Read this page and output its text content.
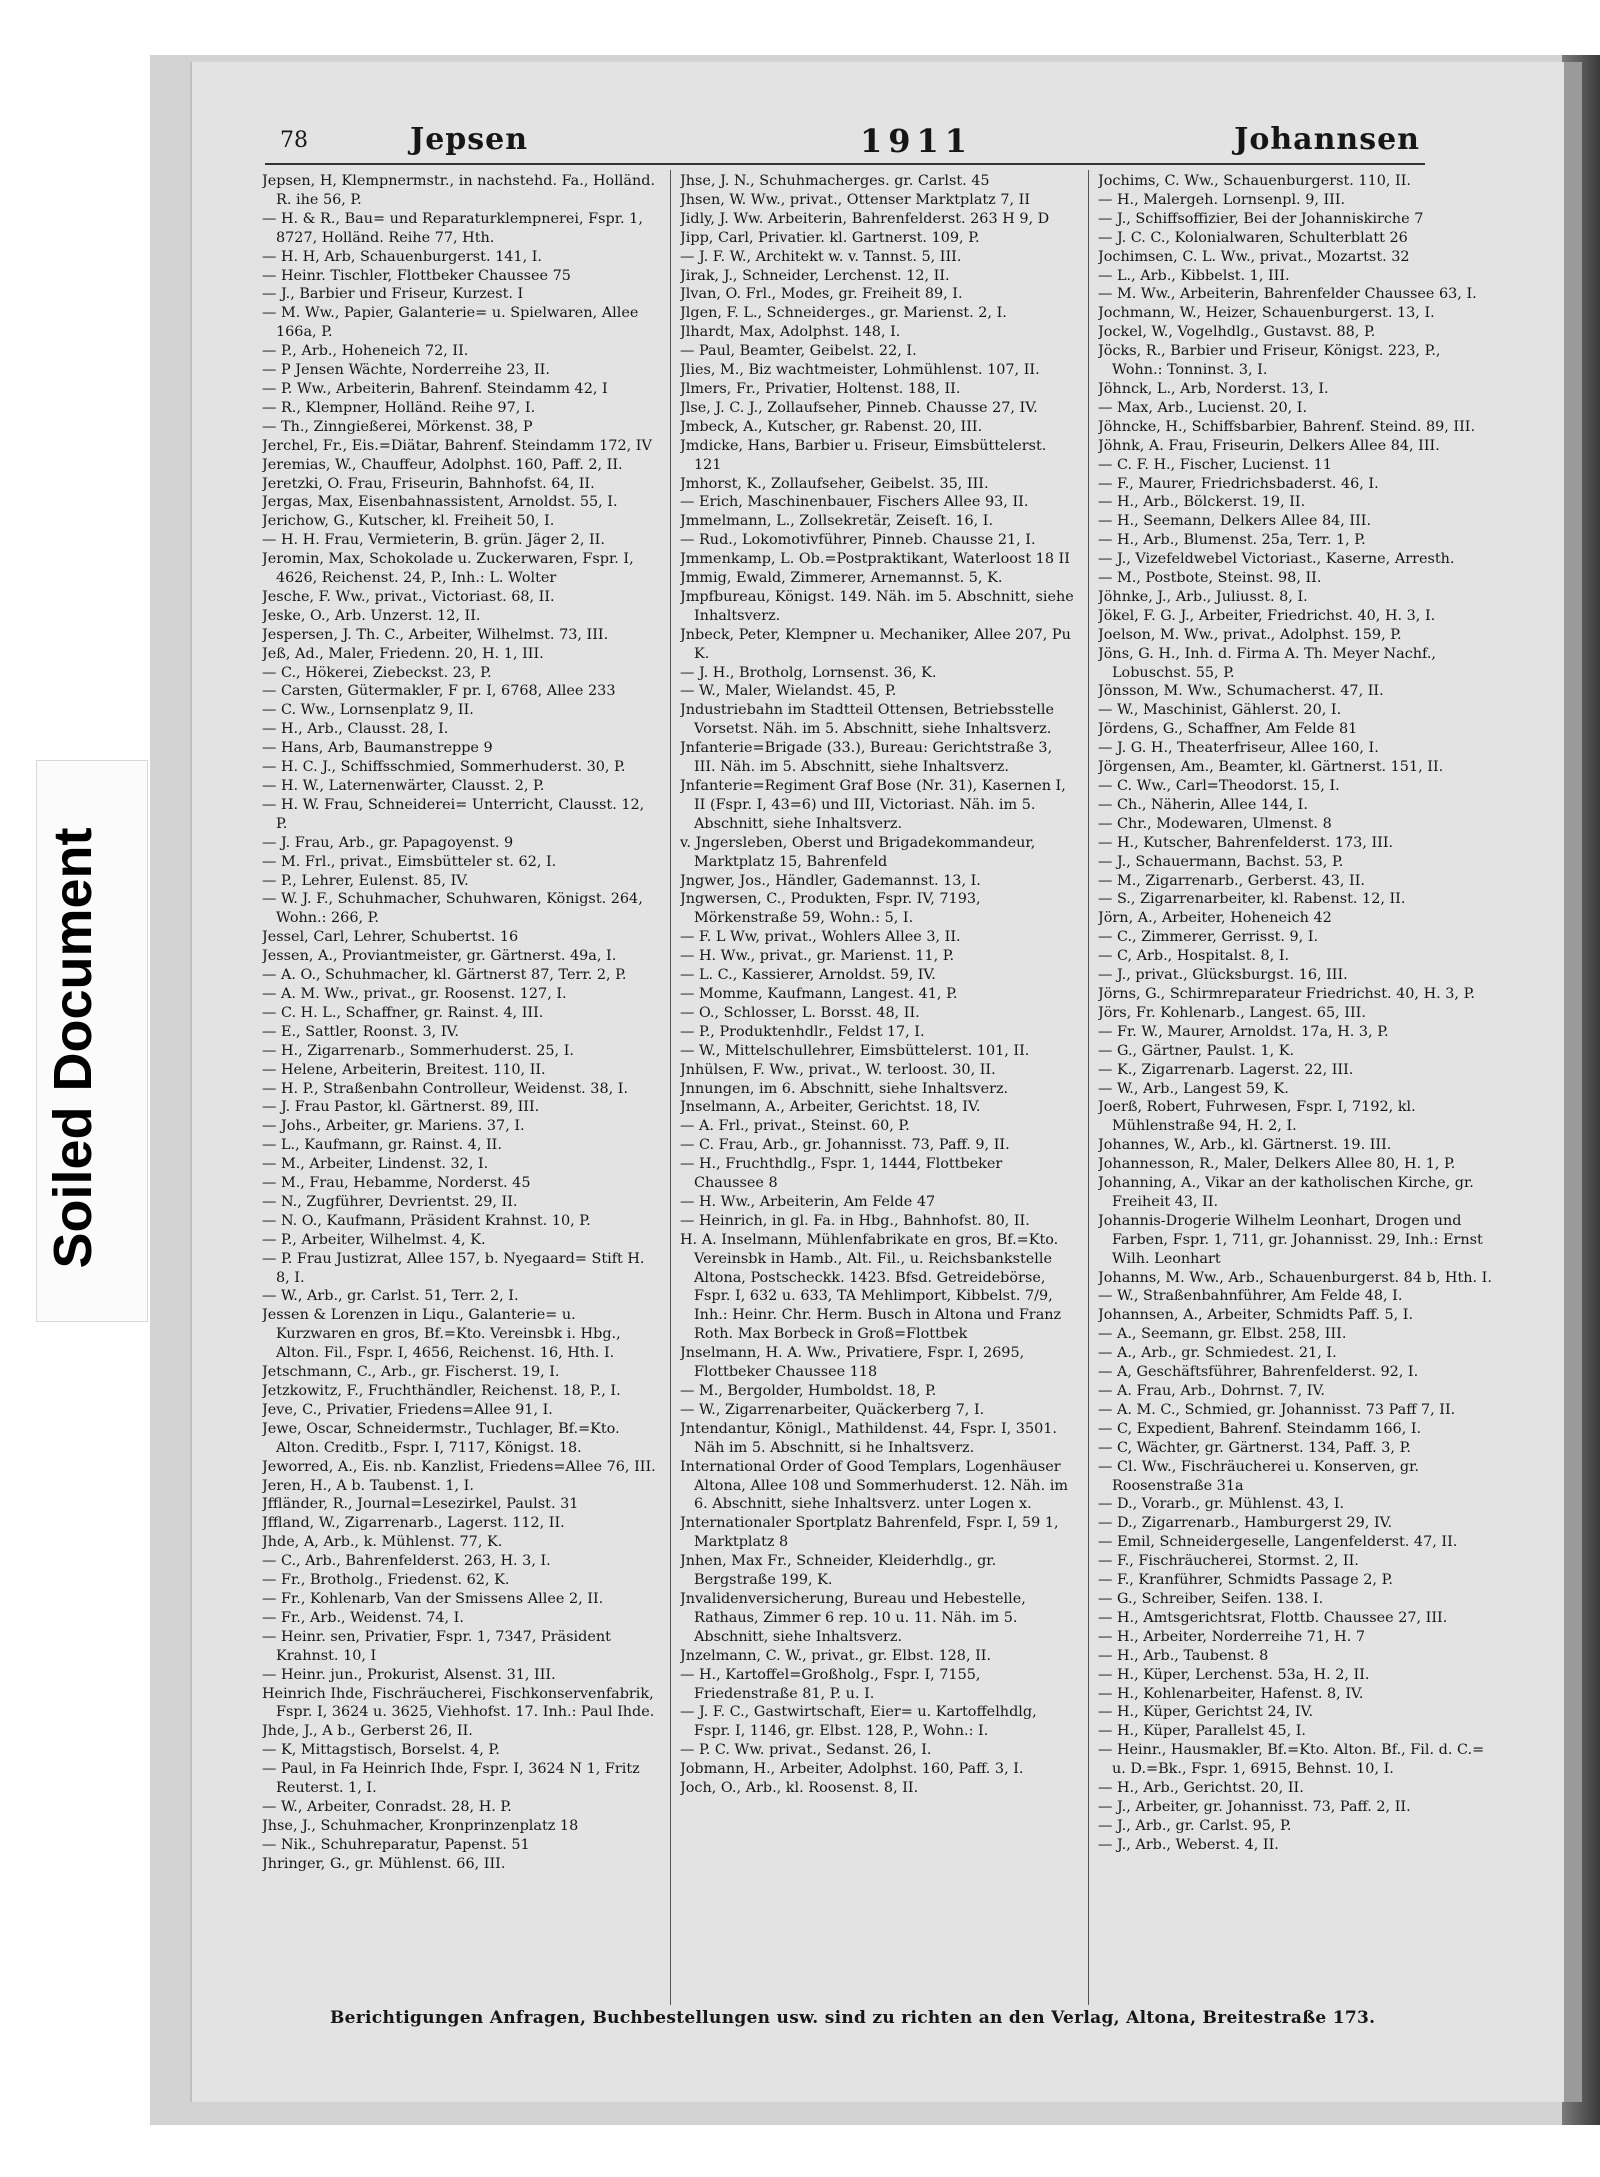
Soiled Document
78	Jepsen	1911	Johannsen

Jepsen, H, Klempnermstr., in nachstehd. Fa., Holländ. R. ihe 56, P.

— H. & R., Bau= und Reparaturklempnerei, Fspr. 1, 8727, Holländ. Reihe 77, Hth.

— H. H, Arb, Schauenburgerst. 141, I.

— Heinr. Tischler, Flottbeker Chaussee 75

— J., Barbier und Friseur, Kurzest. I

— M. Ww., Papier, Galanterie= u. Spielwaren, Allee 166a, P.

— P., Arb., Hoheneich 72, II.

— P Jensen Wächte, Norderreihe 23, II.

— P. Ww., Arbeiterin, Bahrenf. Steindamm 42, I

— R., Klempner, Holländ. Reihe 97, I.

— Th., Zinngießerei, Mörkenst. 38, P

Jerchel, Fr., Eis.=Diätar, Bahrenf. Steindamm 172, IV

Jeremias, W., Chauffeur, Adolphst. 160, Paff. 2, II.

Jeretzki, O. Frau, Friseurin, Bahnhofst. 64, II.

Jergas, Max, Eisenbahnassistent, Arnoldst. 55, I.

Jerichow, G., Kutscher, kl. Freiheit 50, I.

— H. H. Frau, Vermieterin, B. grün. Jäger 2, II.

Jeromin, Max, Schokolade u. Zuckerwaren, Fspr. I, 4626, Reichenst. 24, P., Inh.: L. Wolter

Jesche, F. Ww., privat., Victoriast. 68, II.

Jeske, O., Arb. Unzerst. 12, II.

Jespersen, J. Th. C., Arbeiter, Wilhelmst. 73, III.

Jeß, Ad., Maler, Friedenn. 20, H. 1, III.

— C., Hökerei, Ziebeckst. 23, P.

— Carsten, Gütermakler, F pr. I, 6768, Allee 233

— C. Ww., Lornsenplatz 9, II.

— H., Arb., Clausst. 28, I.

— Hans, Arb, Baumanstreppe 9

— H. C. J., Schiffsschmied, Sommerhuderst. 30, P.

— H. W., Laternenwärter, Clausst. 2, P.

— H. W. Frau, Schneiderei= Unterricht, Clausst. 12, P.

— J. Frau, Arb., gr. Papagoyenst. 9

— M. Frl., privat., Eimsbütteler st. 62, I.

— P., Lehrer, Eulenst. 85, IV.

— W. J. F., Schuhmacher, Schuhwaren, Königst. 264, Wohn.: 266, P.

Jessel, Carl, Lehrer, Schubertst. 16

Jessen, A., Proviantmeister, gr. Gärtnerst. 49a, I.

— A. O., Schuhmacher, kl. Gärtnerst 87, Terr. 2, P.

— A. M. Ww., privat., gr. Roosenst. 127, I.

— C. H. L., Schaffner, gr. Rainst. 4, III.

— E., Sattler, Roonst. 3, IV.

— H., Zigarrenarb., Sommerhuderst. 25, I.

— Helene, Arbeiterin, Breitest. 110, II.

— H. P., Straßenbahn Controlleur, Weidenst. 38, I.

— J. Frau Pastor, kl. Gärtnerst. 89, III.

— Johs., Arbeiter, gr. Mariens. 37, I.

— L., Kaufmann, gr. Rainst. 4, II.

— M., Arbeiter, Lindenst. 32, I.

— M., Frau, Hebamme, Norderst. 45

— N., Zugführer, Devrientst. 29, II.

— N. O., Kaufmann, Präsident Krahnst. 10, P.

— P., Arbeiter, Wilhelmst. 4, K.

— P. Frau Justizrat, Allee 157, b. Nyegaard= Stift H. 8, I.

— W., Arb., gr. Carlst. 51, Terr. 2, I.

Jessen & Lorenzen in Liqu., Galanterie= u. Kurzwaren en gros, Bf.=Kto. Vereinsbk i. Hbg., Alton. Fil., Fspr. I, 4656, Reichenst. 16, Hth. I.

Jetschmann, C., Arb., gr. Fischerst. 19, I.

Jetzkowitz, F., Fruchthändler, Reichenst. 18, P., I.

Jeve, C., Privatier, Friedens=Allee 91, I.

Jewe, Oscar, Schneidermstr., Tuchlager, Bf.=Kto. Alton. Creditb., Fspr. I, 7117, Königst. 18.

Jeworred, A., Eis. nb. Kanzlist, Friedens=Allee 76, III.

Jeren, H., A b. Taubenst. 1, I.

Jffländer, R., Journal=Lesezirkel, Paulst. 31

Jffland, W., Zigarrenarb., Lagerst. 112, II.

Jhde, A, Arb., k. Mühlenst. 77, K.

— C., Arb., Bahrenfelderst. 263, H. 3, I.

— Fr., Brotholg., Friedenst. 62, K.

— Fr., Kohlenarb, Van der Smissens Allee 2, II.

— Fr., Arb., Weidenst. 74, I.

— Heinr. sen, Privatier, Fspr. 1, 7347, Präsident Krahnst. 10, I

— Heinr. jun., Prokurist, Alsenst. 31, III.

Heinrich Ihde, Fischräucherei, Fischkonservenfabrik, Fspr. I, 3624 u. 3625, Viehhofst. 17. Inh.: Paul Ihde.

Jhde, J., A b., Gerberst 26, II.

— K, Mittagstisch, Borselst. 4, P.

— Paul, in Fa Heinrich Ihde, Fspr. I, 3624 N 1, Fritz Reuterst. 1, I.

— W., Arbeiter, Conradst. 28, H. P.

Jhse, J., Schuhmacher, Kronprinzenplatz 18

— Nik., Schuhreparatur, Papenst. 51

Jhringer, G., gr. Mühlenst. 66, III.

Jhse, J. N., Schuhmacherges. gr. Carlst. 45

Jhsen, W. Ww., privat., Ottenser Marktplatz 7, II

Jidly, J. Ww. Arbeiterin, Bahrenfelderst. 263 H 9, D

Jipp, Carl, Privatier. kl. Gartnerst. 109, P.

— J. F. W., Architekt w. v. Tannst. 5, III.

Jirak, J., Schneider, Lerchenst. 12, II.

Jlvan, O. Frl., Modes, gr. Freiheit 89, I.

Jlgen, F. L., Schneiderges., gr. Marienst. 2, I.

Jlhardt, Max, Adolphst. 148, I.

— Paul, Beamter, Geibelst. 22, I.

Jlies, M., Biz wachtmeister, Lohmühlenst. 107, II.

Jlmers, Fr., Privatier, Holtenst. 188, II.

Jlse, J. C. J., Zollaufseher, Pinneb. Chausse 27, IV.

Jmbeck, A., Kutscher, gr. Rabenst. 20, III.

Jmdicke, Hans, Barbier u. Friseur, Eimsbüttelerst. 121

Jmhorst, K., Zollaufseher, Geibelst. 35, III.

— Erich, Maschinenbauer, Fischers Allee 93, II.

Jmmelmann, L., Zollsekretär, Zeiseſt. 16, I.

— Rud., Lokomotivführer, Pinneb. Chausse 21, I.

Jmmenkamp, L. Ob.=Postpraktikant, Waterloost 18 II

Jmmig, Ewald, Zimmerer, Arnemannst. 5, K.

Jmpfbureau, Königst. 149. Näh. im 5. Abschnitt, siehe Inhaltsverz.

Jnbeck, Peter, Klempner u. Mechaniker, Allee 207, Pu K.

— J. H., Brotholg, Lornsenst. 36, K.

— W., Maler, Wielandst. 45, P.

Jndustriebahn im Stadtteil Ottensen, Betriebsstelle Vorsetst. Näh. im 5. Abschnitt, siehe Inhaltsverz.

Jnfanterie=Brigade (33.), Bureau: Gerichtstraße 3, III. Näh. im 5. Abschnitt, siehe Inhaltsverz.

Jnfanterie=Regiment Graf Bose (Nr. 31), Kasernen I, II (Fspr. I, 43=6) und III, Victoriast. Näh. im 5. Abschnitt, siehe Inhaltsverz.

v. Jngersleben, Oberst und Brigadekommandeur, Marktplatz 15, Bahrenfeld

Jngwer, Jos., Händler, Gademannst. 13, I.

Jngwersen, C., Produkten, Fspr. IV, 7193, Mörkenstraße 59, Wohn.: 5, I.

— F. L Ww, privat., Wohlers Allee 3, II.

— H. Ww., privat., gr. Marienst. 11, P.

— L. C., Kassierer, Arnoldst. 59, IV.

— Momme, Kaufmann, Langest. 41, P.

— O., Schlosser, L. Borsst. 48, II.

— P., Produktenhdlr., Feldst 17, I.

— W., Mittelschullehrer, Eimsbüttelerst. 101, II.

Jnhülsen, F. Ww., privat., W. terloost. 30, II.

Jnnungen, im 6. Abschnitt, siehe Inhaltsverz.

Jnselmann, A., Arbeiter, Gerichtst. 18, IV.

— A. Frl., privat., Steinst. 60, P.

— C. Frau, Arb., gr. Johannisst. 73, Paff. 9, II.

— H., Fruchthdlg., Fspr. 1, 1444, Flottbeker Chaussee 8

— H. Ww., Arbeiterin, Am Felde 47

— Heinrich, in gl. Fa. in Hbg., Bahnhofst. 80, II.

H. A. Inselmann, Mühlenfabrikate en gros, Bf.=Kto. Vereinsbk in Hamb., Alt. Fil., u. Reichsbankstelle Altona, Postscheckk. 1423. Bfsd. Getreidebörse, Fspr. I, 632 u. 633, TA Mehlimport, Kibbelst. 7/9, Inh.: Heinr. Chr. Herm. Busch in Altona und Franz Roth. Max Borbeck in Groß=Flottbek

Jnselmann, H. A. Ww., Privatiere, Fspr. I, 2695, Flottbeker Chaussee 118

— M., Bergolder, Humboldst. 18, P.

— W., Zigarrenarbeiter, Quäckerberg 7, I.

Jntendantur, Königl., Mathildenst. 44, Fspr. I, 3501. Näh im 5. Abschnitt, si he Inhaltsverz.

International Order of Good Templars, Logenhäuser Altona, Allee 108 und Sommerhuderst. 12. Näh. im 6. Abschnitt, siehe Inhaltsverz. unter Logen x.

Jnternationaler Sportplatz Bahrenfeld, Fspr. I, 59 1, Marktplatz 8

Jnhen, Max Fr., Schneider, Kleiderhdlg., gr. Bergstraße 199, K.

Jnvalidenversicherung, Bureau und Hebestelle, Rathaus, Zimmer 6 rep. 10 u. 11. Näh. im 5. Abschnitt, siehe Inhaltsverz.

Jnzelmann, C. W., privat., gr. Elbst. 128, II.

— H., Kartoffel=Großholg., Fspr. I, 7155, Friedenstraße 81, P. u. I.

— J. F. C., Gastwirtschaft, Eier= u. Kartoffelhdlg, Fspr. I, 1146, gr. Elbst. 128, P., Wohn.: I.

— P. C. Ww. privat., Sedanst. 26, I.

Jobmann, H., Arbeiter, Adolphst. 160, Paff. 3, I.

Joch, O., Arb., kl. Roosenst. 8, II.

Jochims, C. Ww., Schauenburgerst. 110, II.

— H., Malergeh. Lornsenpl. 9, III.

— J., Schiffsoffizier, Bei der Johanniskirche 7

— J. C. C., Kolonialwaren, Schulterblatt 26

Jochimsen, C. L. Ww., privat., Mozartst. 32

— L., Arb., Kibbelst. 1, III.

— M. Ww., Arbeiterin, Bahrenfelder Chaussee 63, I.

Jochmann, W., Heizer, Schauenburgerst. 13, I.

Jockel, W., Vogelhdlg., Gustavst. 88, P.

Jöcks, R., Barbier und Friseur, Königst. 223, P., Wohn.: Tonninst. 3, I.

Jöhnck, L., Arb, Norderst. 13, I.

— Max, Arb., Lucienst. 20, I.

Jöhncke, H., Schiffsbarbier, Bahrenf. Steind. 89, III.

Jöhnk, A. Frau, Friseurin, Delkers Allee 84, III.

— C. F. H., Fischer, Lucienst. 11

— F., Maurer, Friedrichsbaderst. 46, I.

— H., Arb., Bölckerst. 19, II.

— H., Seemann, Delkers Allee 84, III.

— H., Arb., Blumenst. 25a, Terr. 1, P.

— J., Vizefeldwebel Victoriast., Kaserne, Arresth.

— M., Postbote, Steinst. 98, II.

Jöhnke, J., Arb., Juliusst. 8, I.

Jökel, F. G. J., Arbeiter, Friedrichst. 40, H. 3, I.

Joelson, M. Ww., privat., Adolphst. 159, P.

Jöns, G. H., Inh. d. Firma A. Th. Meyer Nachf., Lobuschst. 55, P.

Jönsson, M. Ww., Schumacherst. 47, II.

— W., Maschinist, Gählerst. 20, I.

Jördens, G., Schaffner, Am Felde 81

— J. G. H., Theaterfriseur, Allee 160, I.

Jörgensen, Am., Beamter, kl. Gärtnerst. 151, II.

— C. Ww., Carl=Theodorst. 15, I.

— Ch., Näherin, Allee 144, I.

— Chr., Modewaren, Ulmenst. 8

— H., Kutscher, Bahrenfelderst. 173, III.

— J., Schauermann, Bachst. 53, P.

— M., Zigarrenarb., Gerberst. 43, II.

— S., Zigarrenarbeiter, kl. Rabenst. 12, II.

Jörn, A., Arbeiter, Hoheneich 42

— C., Zimmerer, Gerrisst. 9, I.

— C, Arb., Hospitalst. 8, I.

— J., privat., Glücksburgst. 16, III.

Jörns, G., Schirmreparateur Friedrichst. 40, H. 3, P.

Jörs, Fr. Kohlenarb., Langest. 65, III.

— Fr. W., Maurer, Arnoldst. 17a, H. 3, P.

— G., Gärtner, Paulst. 1, K.

— K., Zigarrenarb. Lagerst. 22, III.

— W., Arb., Langest 59, K.

Joerß, Robert, Fuhrwesen, Fspr. I, 7192, kl. Mühlenstraße 94, H. 2, I.

Johannes, W., Arb., kl. Gärtnerst. 19. III.

Johannesson, R., Maler, Delkers Allee 80, H. 1, P.

Johanning, A., Vikar an der katholischen Kirche, gr. Freiheit 43, II.

Johannis-Drogerie Wilhelm Leonhart, Drogen und Farben, Fspr. 1, 711, gr. Johannisst. 29, Inh.: Ernst Wilh. Leonhart

Johanns, M. Ww., Arb., Schauenburgerst. 84 b, Hth. I.

— W., Straßenbahnführer, Am Felde 48, I.

Johannsen, A., Arbeiter, Schmidts Paff. 5, I.

— A., Seemann, gr. Elbst. 258, III.

— A., Arb., gr. Schmiedest. 21, I.

— A, Geschäftsführer, Bahrenfelderst. 92, I.

— A. Frau, Arb., Dohrnst. 7, IV.

— A. M. C., Schmied, gr. Johannisst. 73 Paff 7, II.

— C, Expedient, Bahrenf. Steindamm 166, I.

— C, Wächter, gr. Gärtnerst. 134, Paff. 3, P.

— Cl. Ww., Fischräucherei u. Konserven, gr. Roosenstraße 31a

— D., Vorarb., gr. Mühlenst. 43, I.

— D., Zigarrenarb., Hamburgerst 29, IV.

— Emil, Schneidergeselle, Langenfelderst. 47, II.

— F., Fischräucherei, Stormst. 2, II.

— F., Kranführer, Schmidts Passage 2, P.

— G., Schreiber, Seifen. 138. I.

— H., Amtsgerichtsrat, Flottb. Chaussee 27, III.

— H., Arbeiter, Norderreihe 71, H. 7

— H., Arb., Taubenst. 8

— H., Küper, Lerchenst. 53a, H. 2, II.

— H., Kohlenarbeiter, Hafenst. 8, IV.

— H., Küper, Gerichtst 24, IV.

— H., Küper, Parallelst 45, I.

— Heinr., Hausmakler, Bf.=Kto. Alton. Bf., Fil. d. C.= u. D.=Bk., Fspr. 1, 6915, Behnst. 10, I.

— H., Arb., Gerichtst. 20, II.

— J., Arbeiter, gr. Johannisst. 73, Paff. 2, II.

— J., Arb., gr. Carlst. 95, P.

— J., Arb., Weberst. 4, II.

Berichtigungen Anfragen, Buchbestellungen usw. sind zu richten an den Verlag, Altona, Breitestraße 173.
